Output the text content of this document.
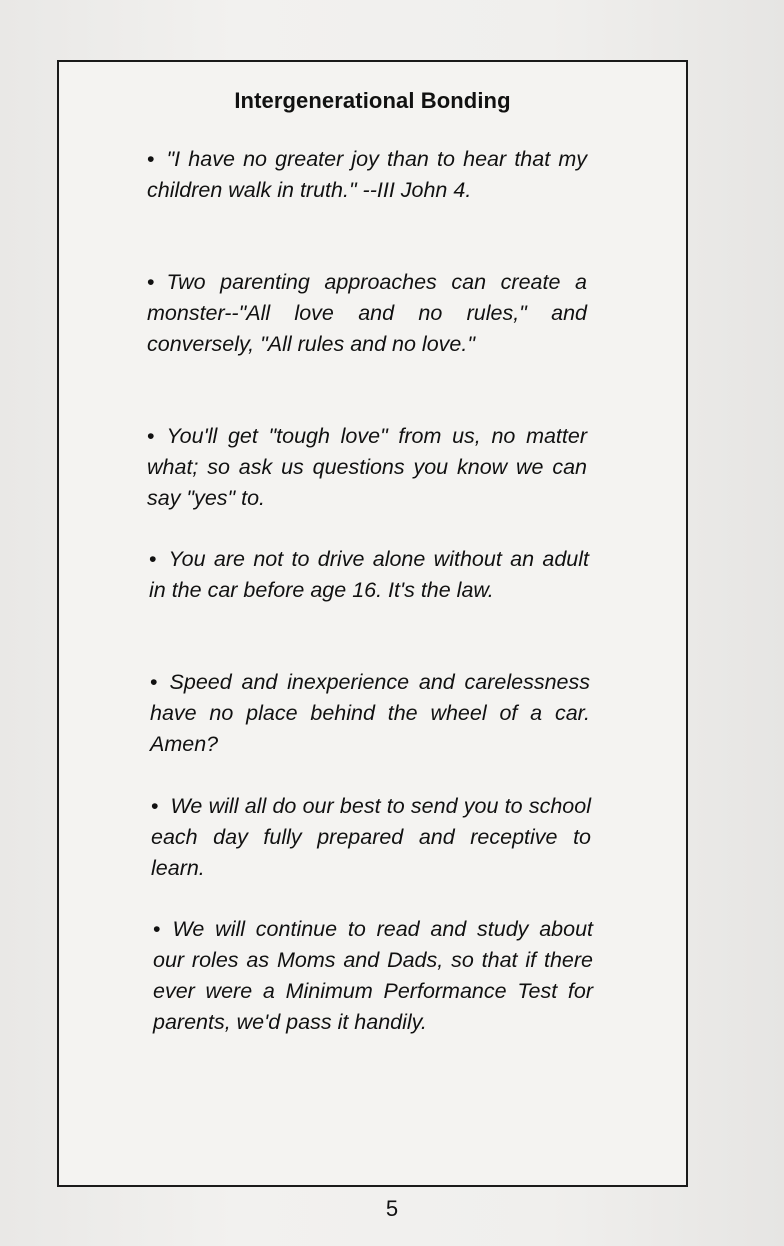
Intergenerational Bonding

• "I have no greater joy than to hear that my children walk in truth." --III John 4.

• Two parenting approaches can create a monster--"All love and no rules," and conversely, "All rules and no love."

• You'll get "tough love" from us, no matter what; so ask us questions you know we can say "yes" to.

• You are not to drive alone without an adult in the car before age 16. It's the law.

• Speed and inexperience and carelessness have no place behind the wheel of a car. Amen?

• We will all do our best to send you to school each day fully prepared and receptive to learn.

• We will continue to read and study about our roles as Moms and Dads, so that if there ever were a Minimum Performance Test for parents, we'd pass it handily.

5
